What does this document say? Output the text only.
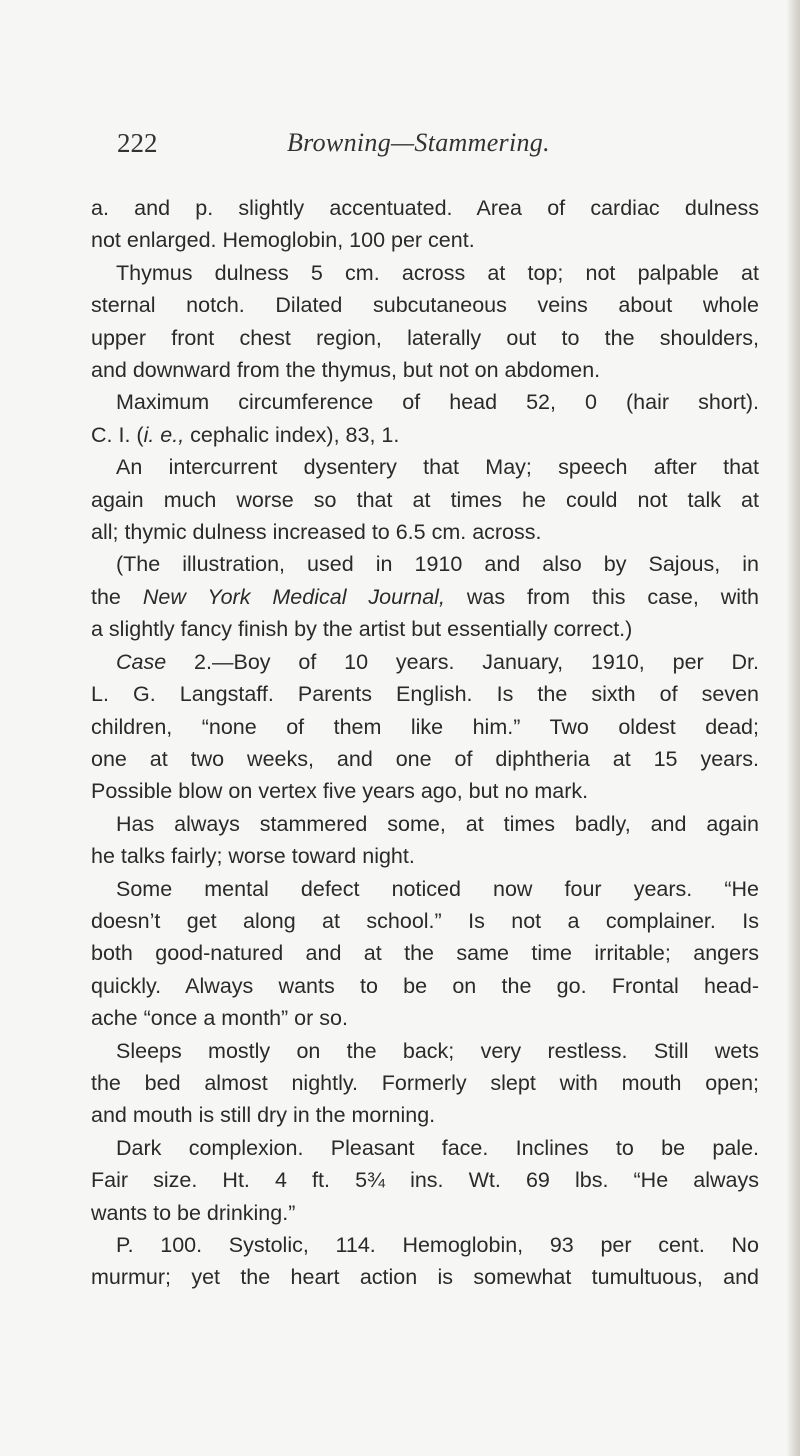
222	Browning—Stammering.
a. and p. slightly accentuated. Area of cardiac dulness
not enlarged. Hemoglobin, 100 per cent.
Thymus dulness 5 cm. across at top; not palpable at
sternal notch. Dilated subcutaneous veins about whole
upper front chest region, laterally out to the shoulders,
and downward from the thymus, but not on abdomen.
Maximum circumference of head 52, 0 (hair short).
C. I. (i. e., cephalic index), 83, 1.
An intercurrent dysentery that May; speech after that
again much worse so that at times he could not talk at
all; thymic dulness increased to 6.5 cm. across.
(The illustration, used in 1910 and also by Sajous, in
the New York Medical Journal, was from this case, with
a slightly fancy finish by the artist but essentially correct.)
Case 2.—Boy of 10 years. January, 1910, per Dr.
L. G. Langstaff. Parents English. Is the sixth of seven
children, “none of them like him.” Two oldest dead;
one at two weeks, and one of diphtheria at 15 years.
Possible blow on vertex five years ago, but no mark.
Has always stammered some, at times badly, and again
he talks fairly; worse toward night.
Some mental defect noticed now four years. “He
doesn’t get along at school.” Is not a complainer. Is
both good-natured and at the same time irritable; angers
quickly. Always wants to be on the go. Frontal head-
ache “once a month” or so.
Sleeps mostly on the back; very restless. Still wets
the bed almost nightly. Formerly slept with mouth open;
and mouth is still dry in the morning.
Dark complexion. Pleasant face. Inclines to be pale.
Fair size. Ht. 4 ft. 5¾ ins. Wt. 69 lbs. “He always
wants to be drinking.”
P. 100. Systolic, 114. Hemoglobin, 93 per cent. No
murmur; yet the heart action is somewhat tumultuous, and
